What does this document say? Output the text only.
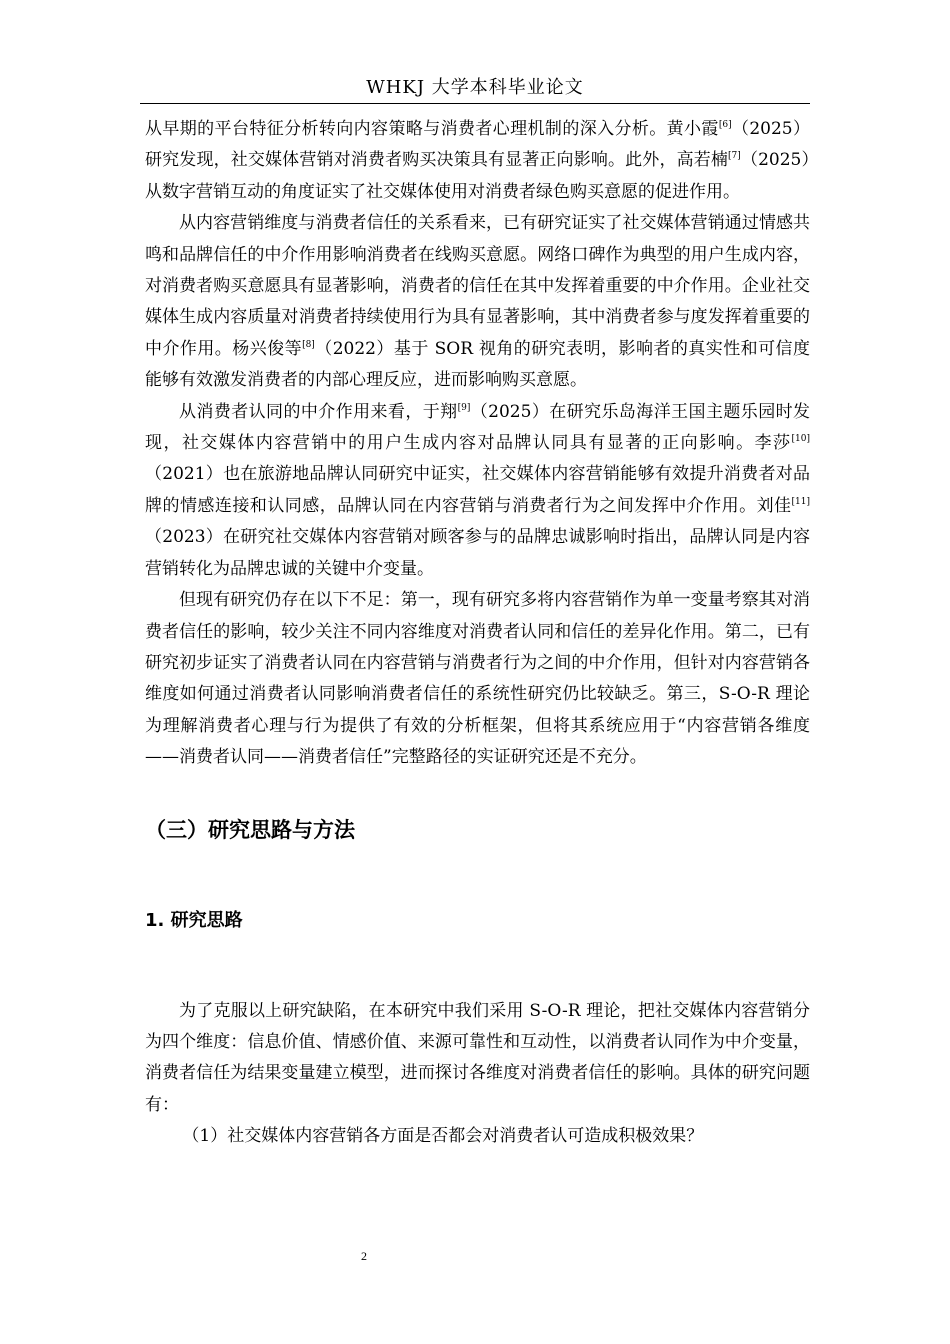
WHKJ 大学本科毕业论文

从早期的平台特征分析转向内容策略与消费者心理机制的深入分析。黄小霞[6]（2025）研究发现，社交媒体营销对消费者购买决策具有显著正向影响。此外，高若楠[7]（2025）从数字营销互动的角度证实了社交媒体使用对消费者绿色购买意愿的促进作用。

从内容营销维度与消费者信任的关系看来，已有研究证实了社交媒体营销通过情感共鸣和品牌信任的中介作用影响消费者在线购买意愿。网络口碑作为典型的用户生成内容，对消费者购买意愿具有显著影响，消费者的信任在其中发挥着重要的中介作用。企业社交媒体生成内容质量对消费者持续使用行为具有显著影响，其中消费者参与度发挥着重要的中介作用。杨兴俊等[8]（2022）基于 SOR 视角的研究表明，影响者的真实性和可信度能够有效激发消费者的内部心理反应，进而影响购买意愿。

从消费者认同的中介作用来看，于翔[9]（2025）在研究乐岛海洋王国主题乐园时发现，社交媒体内容营销中的用户生成内容对品牌认同具有显著的正向影响。李莎[10]（2021）也在旅游地品牌认同研究中证实，社交媒体内容营销能够有效提升消费者对品牌的情感连接和认同感，品牌认同在内容营销与消费者行为之间发挥中介作用。刘佳[11]（2023）在研究社交媒体内容营销对顾客参与的品牌忠诚影响时指出，品牌认同是内容营销转化为品牌忠诚的关键中介变量。

但现有研究仍存在以下不足：第一，现有研究多将内容营销作为单一变量考察其对消费者信任的影响，较少关注不同内容维度对消费者认同和信任的差异化作用。第二，已有研究初步证实了消费者认同在内容营销与消费者行为之间的中介作用，但针对内容营销各维度如何通过消费者认同影响消费者信任的系统性研究仍比较缺乏。第三，S-O-R 理论为理解消费者心理与行为提供了有效的分析框架，但将其系统应用于“内容营销各维度——消费者认同——消费者信任”完整路径的实证研究还是不充分。

（三）研究思路与方法

1. 研究思路

为了克服以上研究缺陷，在本研究中我们采用 S-O-R 理论，把社交媒体内容营销分为四个维度：信息价值、情感价值、来源可靠性和互动性，以消费者认同作为中介变量，消费者信任为结果变量建立模型，进而探讨各维度对消费者信任的影响。具体的研究问题有：

（1）社交媒体内容营销各方面是否都会对消费者认可造成积极效果？

2
